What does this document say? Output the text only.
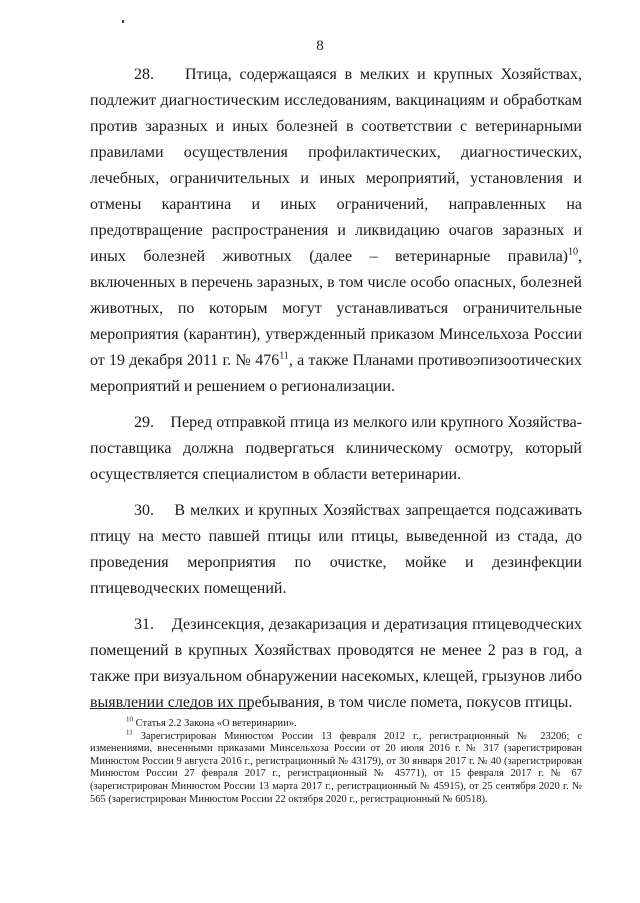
8

28.    Птица, содержащаяся в мелких и крупных Хозяйствах, подлежит диагностическим исследованиям, вакцинациям и обработкам против заразных и иных болезней в соответствии с ветеринарными правилами осуществления профилактических, диагностических, лечебных, ограничительных и иных мероприятий, установления и отмены карантина и иных ограничений, направленных на предотвращение распространения и ликвидацию очагов заразных и иных болезней животных (далее – ветеринарные правила)$^{10}$, включенных в перечень заразных, в том числе особо опасных, болезней животных, по которым могут устанавливаться ограничительные мероприятия (карантин), утвержденный приказом Минсельхоза России от 19 декабря 2011 г. № $476^{11}$, а также Планами противоэпизоотических мероприятий и решением о регионализации.

29.    Перед отправкой птица из мелкого или крупного Хозяйства-поставщика должна подвергаться клиническому осмотру, который осуществляется специалистом в области ветеринарии.

30.    В мелких и крупных Хозяйствах запрещается подсаживать птицу на место павшей птицы или птицы, выведенной из стада, до проведения мероприятия по очистке, мойке и дезинфекции птицеводческих помещений.

31.    Дезинсекция, дезакаризация и дератизация птицеводческих помещений в крупных Хозяйствах проводятся не менее 2 раз в год, а также при визуальном обнаружении насекомых, клещей, грызунов либо выявлении следов их пребывания, в том числе помета, покусов птицы.

$^{10}$ Статья 2.2 Закона «О ветеринарии».

$^{11}$ Зарегистрирован Минюстом России 13 февраля 2012 г., регистрационный № 23206; с изменениями, внесенными приказами Минсельхоза России от 20 июля 2016 г. № 317 (зарегистрирован Минюстом России 9 августа 2016 г., регистрационный № 43179), от 30 января 2017 г. № 40 (зарегистрирован Минюстом России 27 февраля 2017 г., регистрационный № 45771), от 15 февраля 2017 г. № 67 (зарегистрирован Минюстом России 13 марта 2017 г., регистрационный № 45915), от 25 сентября 2020 г. № 565 (зарегистрирован Минюстом России 22 октября 2020 г., регистрационный № 60518).
